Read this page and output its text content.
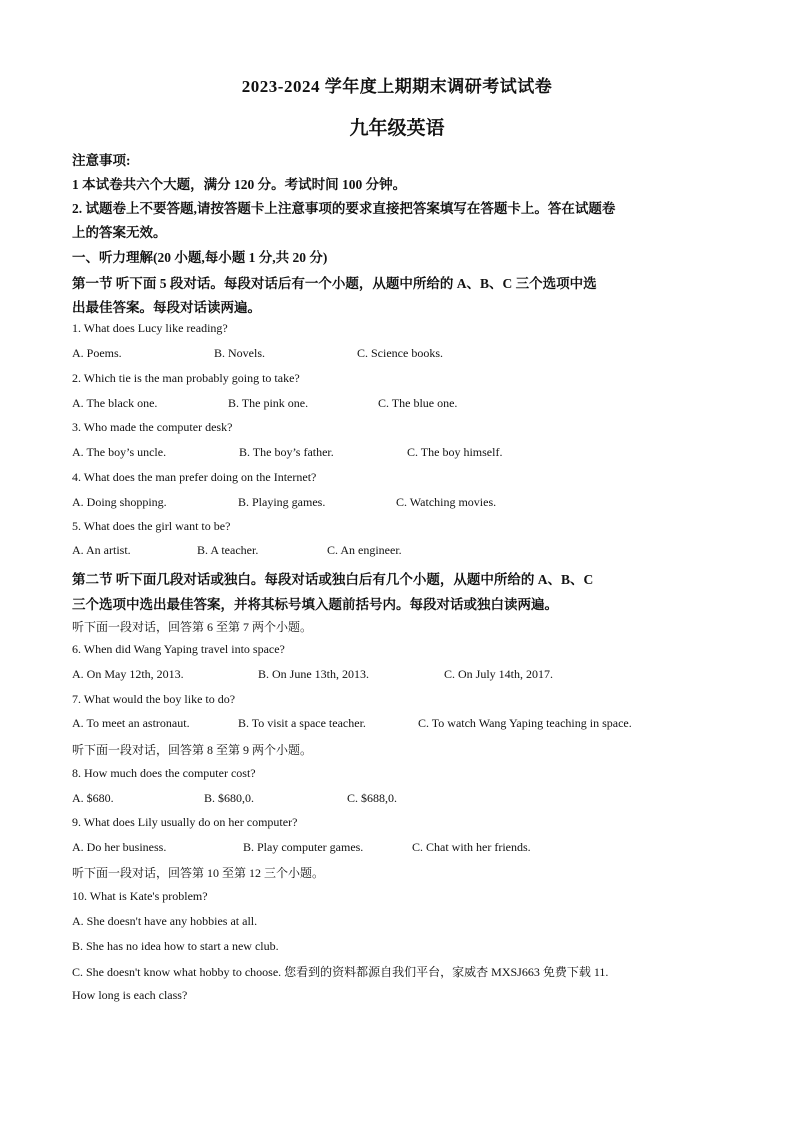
2023-2024 学年度上期期末调研考试试卷
九年级英语
注意事项:
1 本试卷共六个大题，满分 120 分。考试时间 100 分钟。
2. 试题卷上不要答题,请按答题卡上注意事项的要求直接把答案填写在答题卡上。答在试题卷
上的答案无效。
一、听力理解(20 小题,每小题 1 分,共 20 分)
第一节 听下面 5 段对话。每段对话后有一个小题，从题中所给的 A、B、C 三个选项中选
出最佳答案。每段对话读两遍。
1. What does Lucy like reading?
A. Poems.	B. Novels.	C. Science books.
2. Which tie is the man probably going to take?
A. The black one.	B. The pink one.	C. The blue one.
3. Who made the computer desk?
A. The boy’s uncle.	B. The boy’s father.	C. The boy himself.
4. What does the man prefer doing on the Internet?
A. Doing shopping.	B. Playing games.	C. Watching movies.
5. What does the girl want to be?
A. An artist.	B. A teacher.	C. An engineer.
第二节 听下面几段对话或独白。每段对话或独白后有几个小题，从题中所给的 A、B、C
三个选项中选出最佳答案，并将其标号填入题前括号内。每段对话或独白读两遍。
听下面一段对话，回答第 6 至第 7 两个小题。
6. When did Wang Yaping travel into space?
A. On May 12th, 2013.	B. On June 13th, 2013.	C. On July 14th, 2017.
7. What would the boy like to do?
A. To meet an astronaut.	B. To visit a space teacher.	C. To watch Wang Yaping teaching in space.
听下面一段对话，回答第 8 至第 9 两个小题。
8. How much does the computer cost?
A. $680.	B. $680,0.	C. $688,0.
9. What does Lily usually do on her computer?
A. Do her business.	B. Play computer games.	C. Chat with her friends.
听下面一段对话，回答第 10 至第 12 三个小题。
10. What is Kate's problem?
A. She doesn't have any hobbies at all.
B. She has no idea how to start a new club.
C. She doesn't know what hobby to choose. 您看到的资料都源自我们平台，家威杏 MXSJ663 免费下载 11.
How long is each class?
